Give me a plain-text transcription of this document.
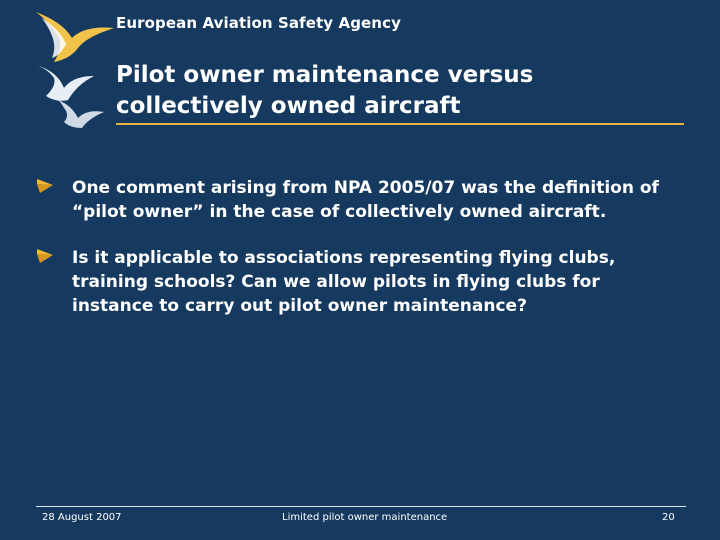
European Aviation Safety Agency
Pilot owner maintenance versus
collectively owned aircraft
One comment arising from NPA 2005/07 was the definition of “pilot owner” in the case of collectively owned aircraft.
Is it applicable to associations representing flying clubs, training schools? Can we allow pilots in flying clubs for instance to carry out pilot owner maintenance?
28 August 2007	Limited pilot owner maintenance	20
